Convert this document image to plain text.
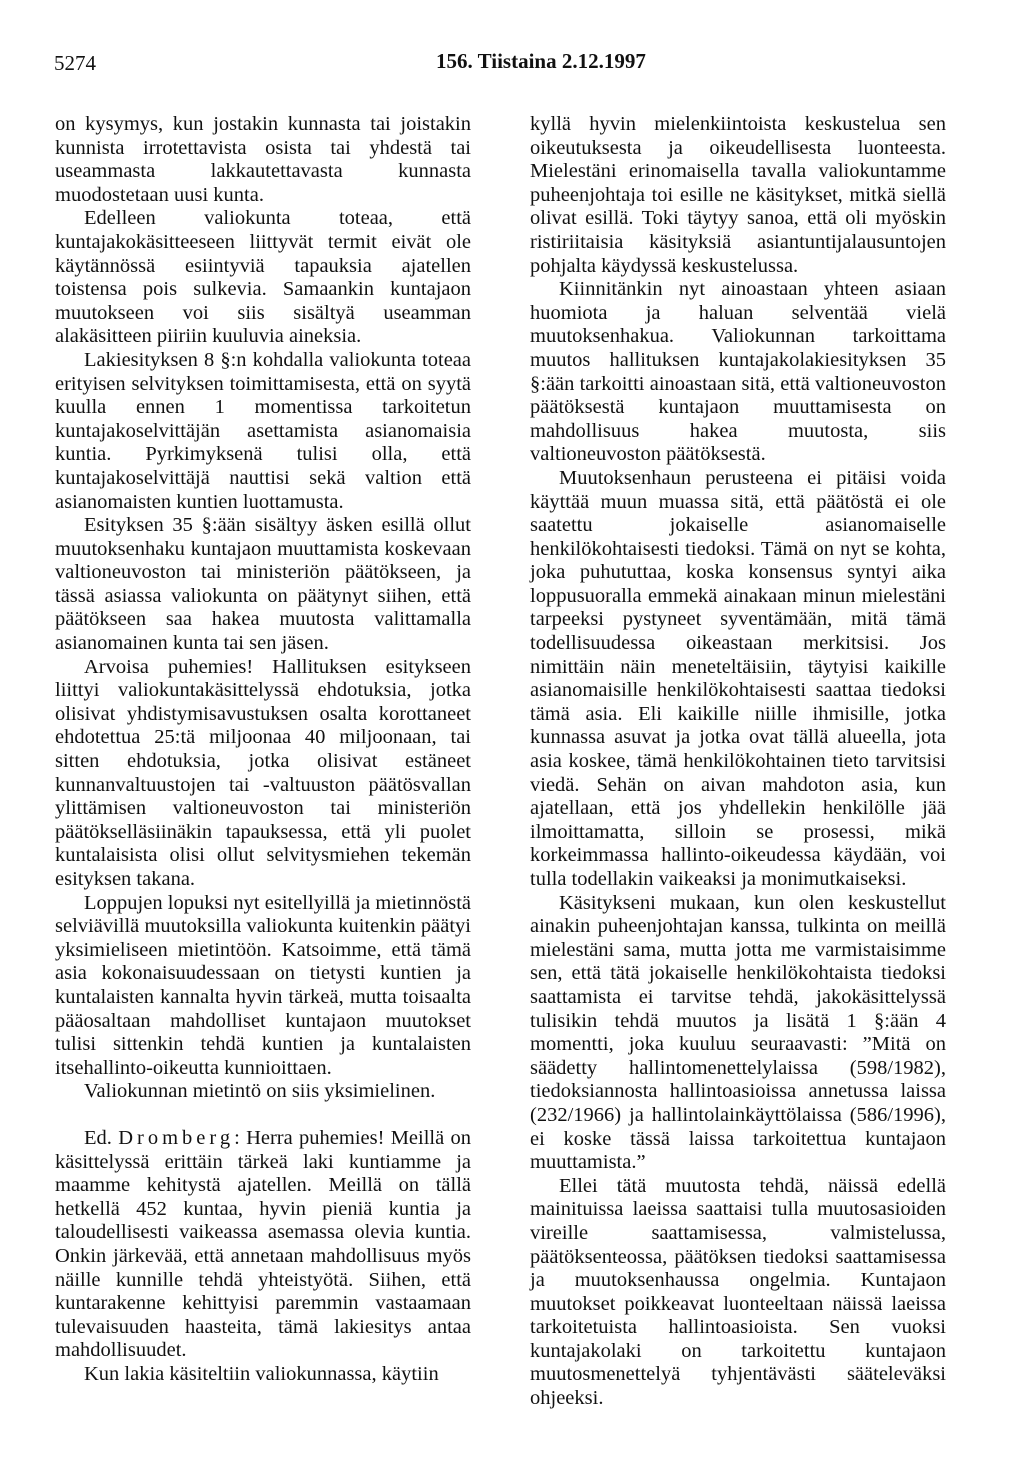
5274	156. Tiistaina 2.12.1997

on kysymys, kun jostakin kunnasta tai joistakin kunnista irrotettavista osista tai yhdestä tai useammasta lakkautettavasta kunnasta muodostetaan uusi kunta.

Edelleen valiokunta toteaa, että kuntajakokäsitteeseen liittyvät termit eivät ole käytännössä esiintyviä tapauksia ajatellen toistensa pois sulkevia. Samaankin kuntajaon muutokseen voi siis sisältyä useamman alakäsitteen piiriin kuuluvia aineksia.

Lakiesityksen 8 §:n kohdalla valiokunta toteaa erityisen selvityksen toimittamisesta, että on syytä kuulla ennen 1 momentissa tarkoitetun kuntajakoselvittäjän asettamista asianomaisia kuntia. Pyrkimyksenä tulisi olla, että kuntajakoselvittäjä nauttisi sekä valtion että asianomaisten kuntien luottamusta.

Esityksen 35 §:ään sisältyy äsken esillä ollut muutoksenhaku kuntajaon muuttamista koskevaan valtioneuvoston tai ministeriön päätökseen, ja tässä asiassa valiokunta on päätynyt siihen, että päätökseen saa hakea muutosta valittamalla asianomainen kunta tai sen jäsen.

Arvoisa puhemies! Hallituksen esitykseen liittyi valiokuntakäsittelyssä ehdotuksia, jotka olisivat yhdistymisavustuksen osalta korottaneet ehdotettua 25:tä miljoonaa 40 miljoonaan, tai sitten ehdotuksia, jotka olisivat estäneet kunnanvaltuustojen tai -valtuuston päätösvallan ylittämisen valtioneuvoston tai ministeriön päätökselläsiinäkin tapauksessa, että yli puolet kuntalaisista olisi ollut selvitysmiehen tekemän esityksen takana.

Loppujen lopuksi nyt esitellyillä ja mietinnöstä selviävillä muutoksilla valiokunta kuitenkin päätyi yksimieliseen mietintöön. Katsoimme, että tämä asia kokonaisuudessaan on tietysti kuntien ja kuntalaisten kannalta hyvin tärkeä, mutta toisaalta pääosaltaan mahdolliset kuntajaon muutokset tulisi sittenkin tehdä kuntien ja kuntalaisten itsehallinto-oikeutta kunnioittaen.

Valiokunnan mietintö on siis yksimielinen.

Ed. Dromberg: Herra puhemies! Meillä on käsittelyssä erittäin tärkeä laki kuntiamme ja maamme kehitystä ajatellen. Meillä on tällä hetkellä 452 kuntaa, hyvin pieniä kuntia ja taloudellisesti vaikeassa asemassa olevia kuntia. Onkin järkevää, että annetaan mahdollisuus myös näille kunnille tehdä yhteistyötä. Siihen, että kuntarakenne kehittyisi paremmin vastaamaan tulevaisuuden haasteita, tämä lakiesitys antaa mahdollisuudet.

Kun lakia käsiteltiin valiokunnassa, käytiin

kyllä hyvin mielenkiintoista keskustelua sen oikeutuksesta ja oikeudellisesta luonteesta. Mielestäni erinomaisella tavalla valiokuntamme puheenjohtaja toi esille ne käsitykset, mitkä siellä olivat esillä. Toki täytyy sanoa, että oli myöskin ristiriitaisia käsityksiä asiantuntijalausuntojen pohjalta käydyssä keskustelussa.

Kiinnitänkin nyt ainoastaan yhteen asiaan huomiota ja haluan selventää vielä muutoksenhakua. Valiokunnan tarkoittama muutos hallituksen kuntajakolakiesityksen 35 §:ään tarkoitti ainoastaan sitä, että valtioneuvoston päätöksestä kuntajaon muuttamisesta on mahdollisuus hakea muutosta, siis valtioneuvoston päätöksestä.

Muutoksenhaun perusteena ei pitäisi voida käyttää muun muassa sitä, että päätöstä ei ole saatettu jokaiselle asianomaiselle henkilökohtaisesti tiedoksi. Tämä on nyt se kohta, joka puhututtaa, koska konsensus syntyi aika loppusuoralla emmekä ainakaan minun mielestäni tarpeeksi pystyneet syventämään, mitä tämä todellisuudessa oikeastaan merkitsisi. Jos nimittäin näin meneteltäisiin, täytyisi kaikille asianomaisille henkilökohtaisesti saattaa tiedoksi tämä asia. Eli kaikille niille ihmisille, jotka kunnassa asuvat ja jotka ovat tällä alueella, jota asia koskee, tämä henkilökohtainen tieto tarvitsisi viedä. Sehän on aivan mahdoton asia, kun ajatellaan, että jos yhdellekin henkilölle jää ilmoittamatta, silloin se prosessi, mikä korkeimmassa hallinto-oikeudessa käydään, voi tulla todellakin vaikeaksi ja monimutkaiseksi.

Käsitykseni mukaan, kun olen keskustellut ainakin puheenjohtajan kanssa, tulkinta on meillä mielestäni sama, mutta jotta me varmistaisimme sen, että tätä jokaiselle henkilökohtaista tiedoksi saattamista ei tarvitse tehdä, jakokäsittelyssä tulisikin tehdä muutos ja lisätä 1 §:ään 4 momentti, joka kuuluu seuraavasti: ”Mitä on säädetty hallintomenettelylaissa (598/1982), tiedoksiannosta hallintoasioissa annetussa laissa (232/1966) ja hallintolainkäyttölaissa (586/1996), ei koske tässä laissa tarkoitettua kuntajaon muuttamista.”

Ellei tätä muutosta tehdä, näissä edellä mainituissa laeissa saattaisi tulla muutosasioiden vireille saattamisessa, valmistelussa, päätöksenteossa, päätöksen tiedoksi saattamisessa ja muutoksenhaussa ongelmia. Kuntajaon muutokset poikkeavat luonteeltaan näissä laeissa tarkoitetuista hallintoasioista. Sen vuoksi kuntajakolaki on tarkoitettu kuntajaon muutosmenettelyä tyhjentävästi sääteleväksi ohjeeksi.
